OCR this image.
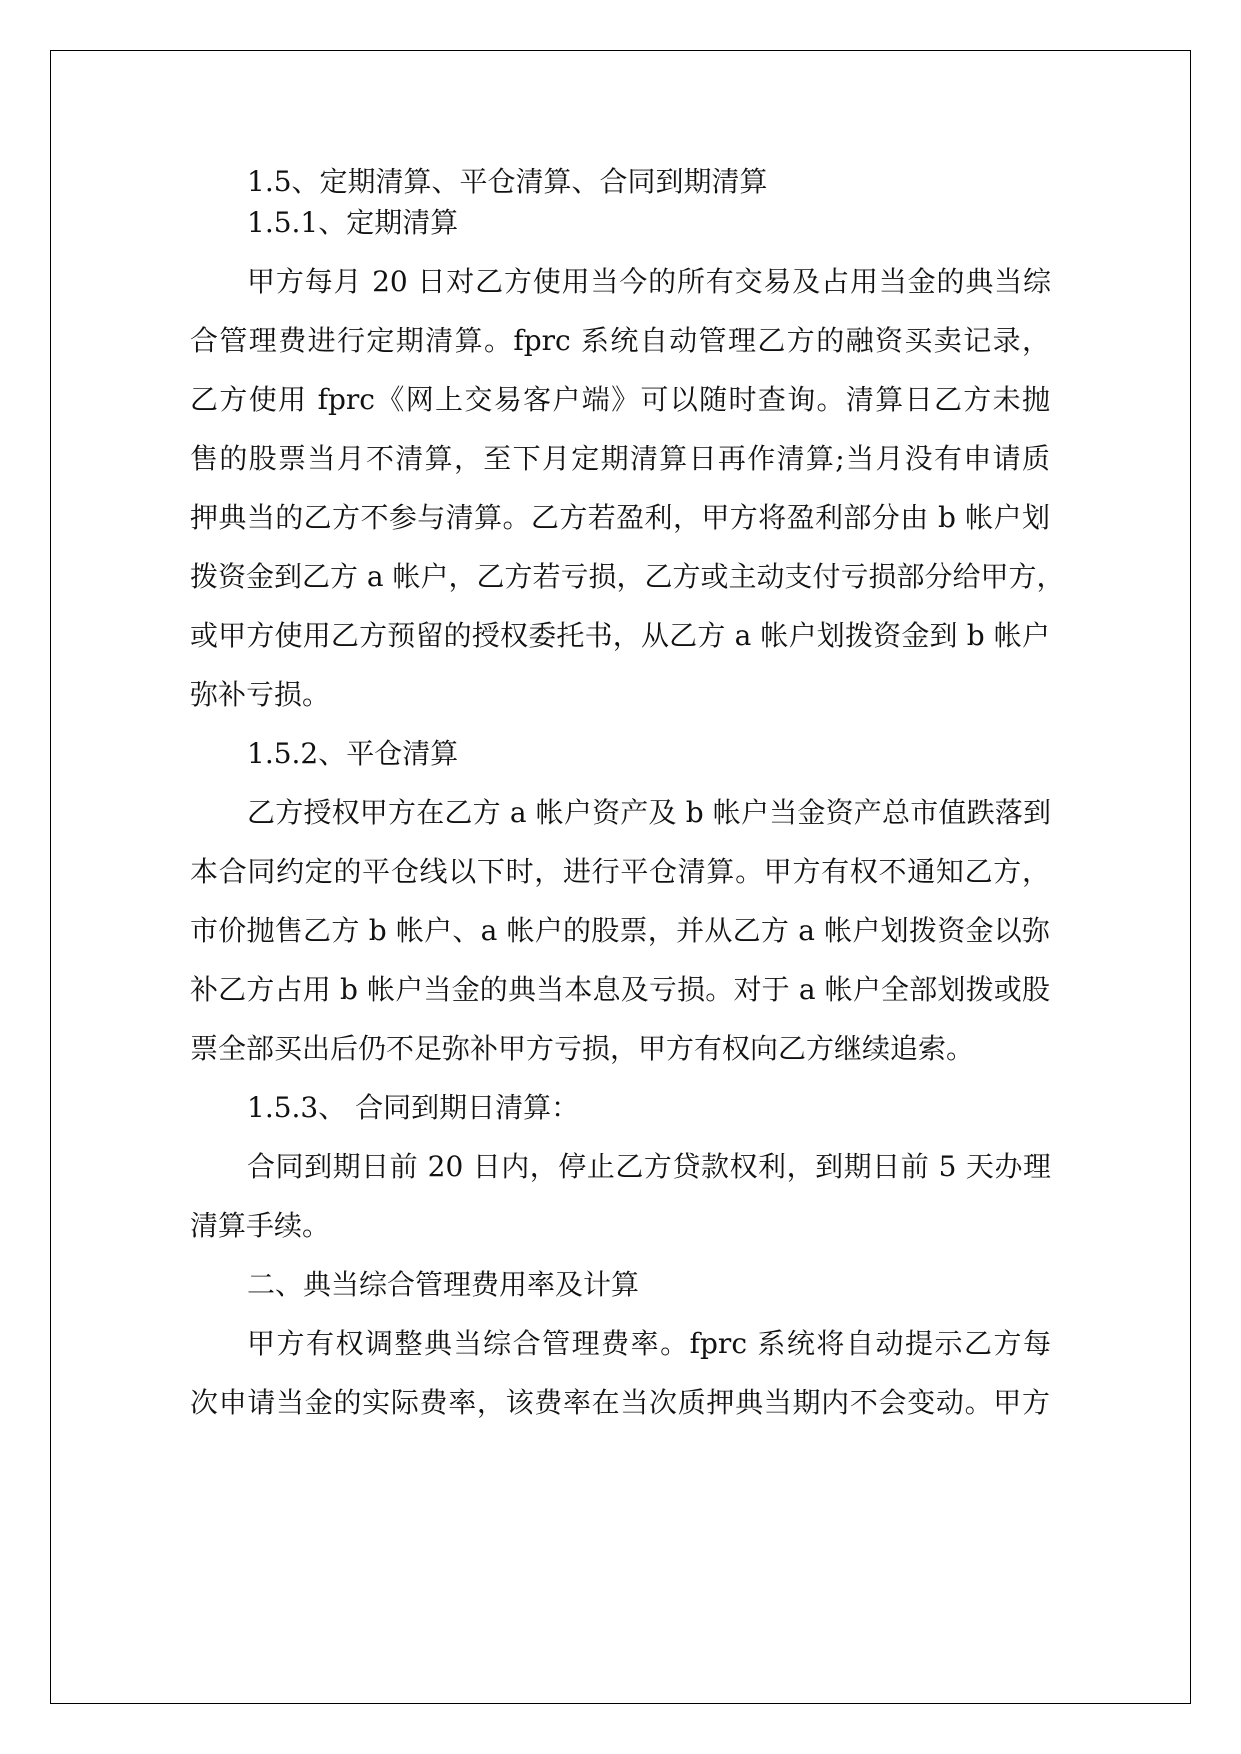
1.5、定期清算、平仓清算、合同到期清算

1.5.1、定期清算

甲方每月 20 日对乙方使用当今的所有交易及占用当金的典当综

合管理费进行定期清算。fprc 系统自动管理乙方的融资买卖记录，

乙方使用 fprc《网上交易客户端》可以随时查询。清算日乙方未抛

售的股票当月不清算，至下月定期清算日再作清算;当月没有申请质

押典当的乙方不参与清算。乙方若盈利，甲方将盈利部分由 b 帐户划

拨资金到乙方 a 帐户，乙方若亏损，乙方或主动支付亏损部分给甲方，

或甲方使用乙方预留的授权委托书，从乙方 a 帐户划拨资金到 b 帐户

弥补亏损。

1.5.2、平仓清算

乙方授权甲方在乙方 a 帐户资产及 b 帐户当金资产总市值跌落到

本合同约定的平仓线以下时，进行平仓清算。甲方有权不通知乙方，

市价抛售乙方 b 帐户、a 帐户的股票，并从乙方 a 帐户划拨资金以弥

补乙方占用 b 帐户当金的典当本息及亏损。对于 a 帐户全部划拨或股

票全部买出后仍不足弥补甲方亏损，甲方有权向乙方继续追索。

1.5.3、 合同到期日清算：

合同到期日前 20 日内，停止乙方贷款权利，到期日前 5 天办理

清算手续。

二、典当综合管理费用率及计算

甲方有权调整典当综合管理费率。fprc 系统将自动提示乙方每

次申请当金的实际费率，该费率在当次质押典当期内不会变动。甲方
